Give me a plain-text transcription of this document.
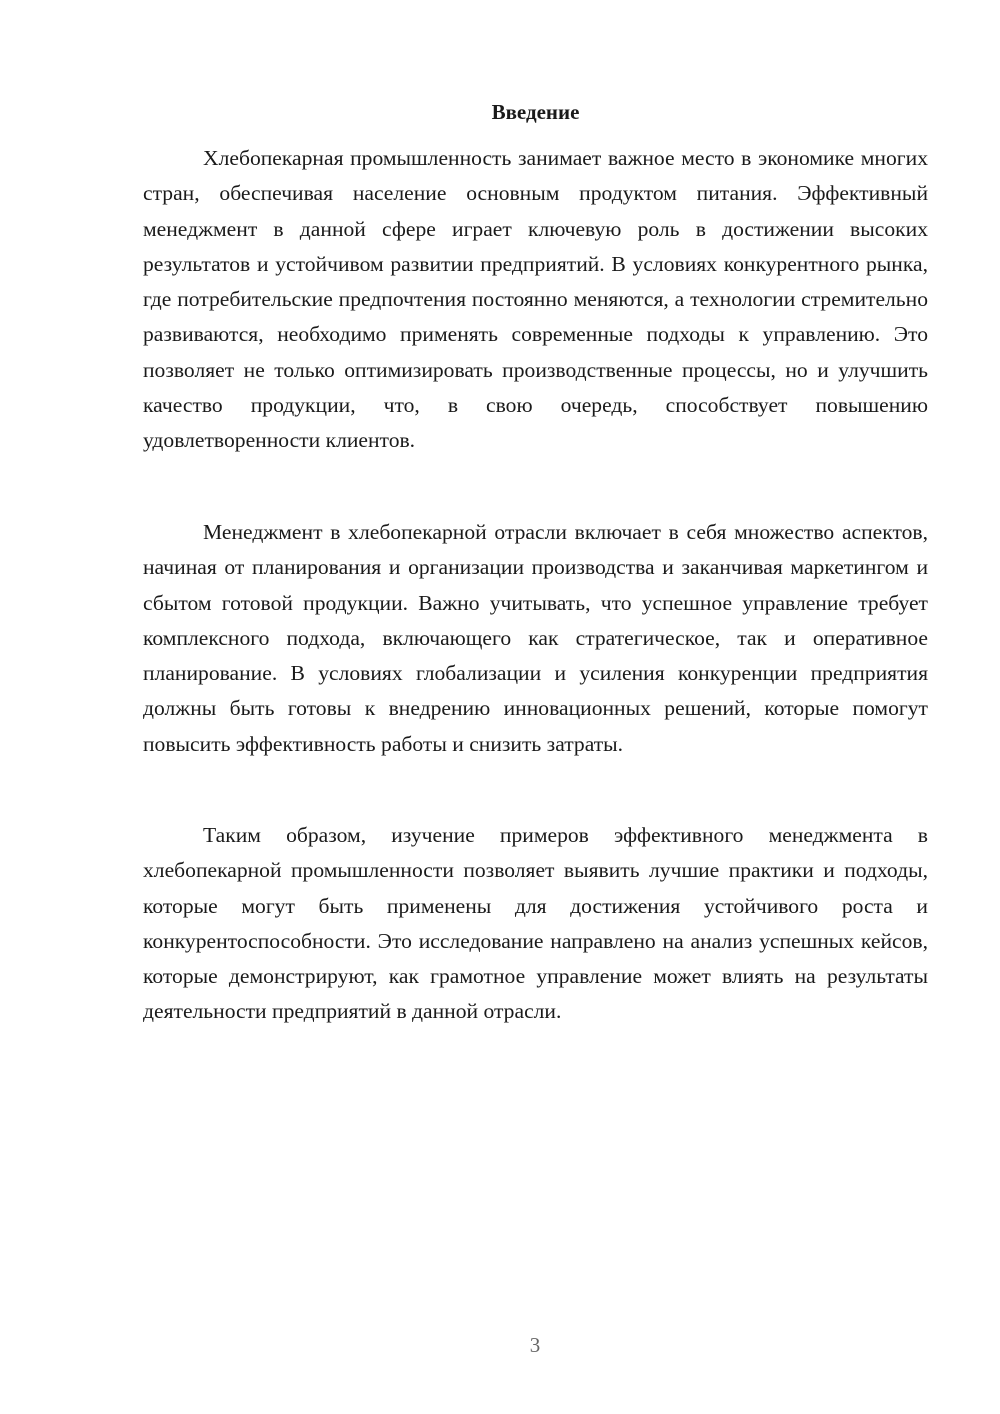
Введение

Хлебопекарная промышленность занимает важное место в экономике многих стран, обеспечивая население основным продуктом питания. Эффективный менеджмент в данной сфере играет ключевую роль в достижении высоких результатов и устойчивом развитии предприятий. В условиях конкурентного рынка, где потребительские предпочтения постоянно меняются, а технологии стремительно развиваются, необходимо применять современные подходы к управлению. Это позволяет не только оптимизировать производственные процессы, но и улучшить качество продукции, что, в свою очередь, способствует повышению удовлетворенности клиентов.

Менеджмент в хлебопекарной отрасли включает в себя множество аспектов, начиная от планирования и организации производства и заканчивая маркетингом и сбытом готовой продукции. Важно учитывать, что успешное управление требует комплексного подхода, включающего как стратегическое, так и оперативное планирование. В условиях глобализации и усиления конкуренции предприятия должны быть готовы к внедрению инновационных решений, которые помогут повысить эффективность работы и снизить затраты.

Таким образом, изучение примеров эффективного менеджмента в хлебопекарной промышленности позволяет выявить лучшие практики и подходы, которые могут быть применены для достижения устойчивого роста и конкурентоспособности. Это исследование направлено на анализ успешных кейсов, которые демонстрируют, как грамотное управление может влиять на результаты деятельности предприятий в данной отрасли.

3
